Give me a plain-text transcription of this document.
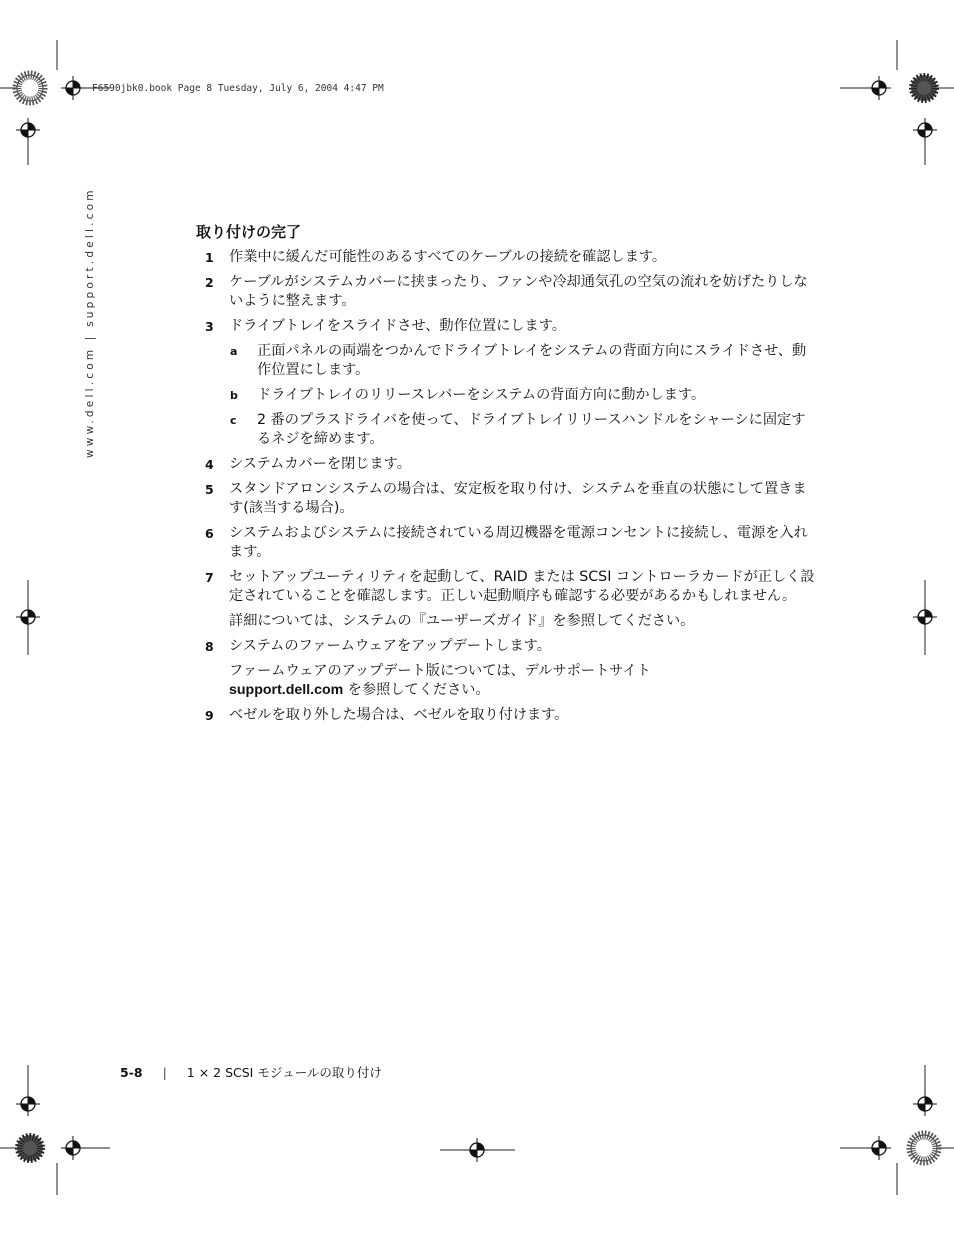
F6590jbk0.book Page 8 Tuesday, July 6, 2004 4:47 PM
www.dell.com | support.dell.com	取り付けの完了
1 作業中に緩んだ可能性のあるすべてのケーブルの接続を確認します。
2 ケーブルがシステムカバーに挟まったり、ファンや冷却通気孔の空気の流れを妨げたりしないように整えます。
3 ドライブトレイをスライドさせ、動作位置にします。
a 正面パネルの両端をつかんでドライブトレイをシステムの背面方向にスライドさせ、動作位置にします。
b ドライブトレイのリリースレバーをシステムの背面方向に動かします。
c 2 番のプラスドライバを使って、ドライブトレイリリースハンドルをシャーシに固定するネジを締めます。
4 システムカバーを閉じます。
5 スタンドアロンシステムの場合は、安定板を取り付け、システムを垂直の状態にして置きます(該当する場合)。
6 システムおよびシステムに接続されている周辺機器を電源コンセントに接続し、電源を入れます。
7 セットアップユーティリティを起動して、RAID または SCSI コントローラカードが正しく設定されていることを確認します。正しい起動順序も確認する必要があるかもしれません。
詳細については、システムの『ユーザーズガイド』を参照してください。
8 システムのファームウェアをアップデートします。
ファームウェアのアップデート版については、デルサポートサイト
support.dell.com を参照してください。
9 ベゼルを取り外した場合は、ベゼルを取り付けます。
5-8 | 1 × 2 SCSI モジュールの取り付け
